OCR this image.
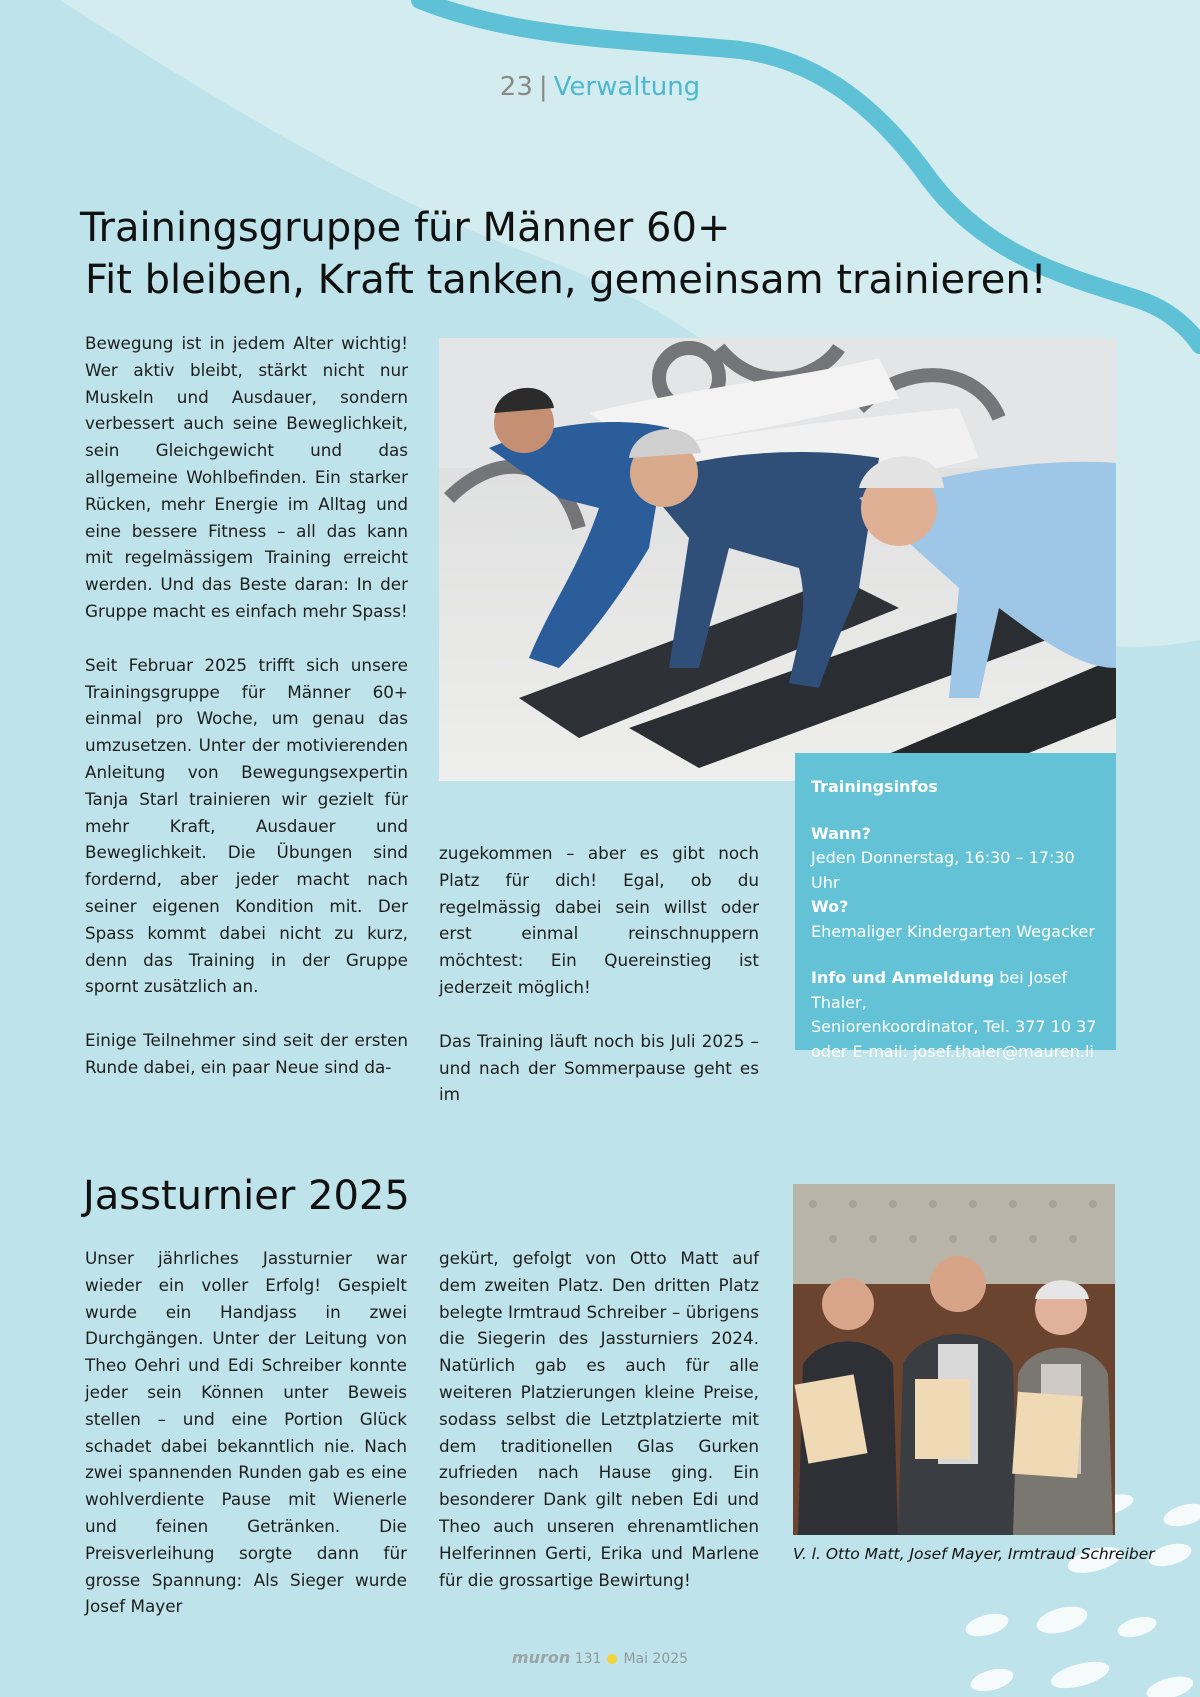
23 | Verwaltung
Trainingsgruppe für Männer 60+
Fit bleiben, Kraft tanken, gemeinsam trainieren!

Bewegung ist in jedem Alter wichtig! Wer aktiv bleibt, stärkt nicht nur Muskeln und Ausdauer, sondern verbessert auch seine Beweglichkeit, sein Gleichgewicht und das allgemeine Wohlbefinden. Ein starker Rücken, mehr Energie im Alltag und eine bessere Fitness – all das kann mit regelmässigem Training erreicht werden. Und das Beste daran: In der Gruppe macht es einfach mehr Spass!

Seit Februar 2025 trifft sich unsere Trainingsgruppe für Männer 60+ einmal pro Woche, um genau das umzusetzen. Unter der motivierenden Anleitung von Bewegungsexpertin Tanja Starl trainieren wir gezielt für mehr Kraft, Ausdauer und Beweglichkeit. Die Übungen sind fordernd, aber jeder macht nach seiner eigenen Kondition mit. Der Spass kommt dabei nicht zu kurz, denn das Training in der Gruppe spornt zusätzlich an.

Einige Teilnehmer sind seit der ersten Runde dabei, ein paar Neue sind da-

zugekommen – aber es gibt noch Platz für dich! Egal, ob du regelmässig dabei sein willst oder erst einmal reinschnuppern möchtest: Ein Quereinstieg ist jederzeit möglich!

Das Training läuft noch bis Juli 2025 – und nach der Sommerpause geht es im

Trainingsinfos
Wann?
Jeden Donnerstag, 16:30 – 17:30 Uhr
Wo?
Ehemaliger Kindergarten Wegacker
Info und Anmeldung bei Josef Thaler,
Seniorenkoordinator, Tel. 377 10 37
oder E-mail: josef.thaler@mauren.li
Jassturnier 2025

Unser jährliches Jassturnier war wieder ein voller Erfolg! Gespielt wurde ein Handjass in zwei Durchgängen. Unter der Leitung von Theo Oehri und Edi Schreiber konnte jeder sein Können unter Beweis stellen – und eine Portion Glück schadet dabei bekanntlich nie. Nach zwei spannenden Runden gab es eine wohlverdiente Pause mit Wienerle und feinen Getränken. Die Preisverleihung sorgte dann für grosse Spannung: Als Sieger wurde Josef Mayer

gekürt, gefolgt von Otto Matt auf dem zweiten Platz. Den dritten Platz belegte Irmtraud Schreiber – übrigens die Siegerin des Jassturniers 2024. Natürlich gab es auch für alle weiteren Platzierungen kleine Preise, sodass selbst die Letztplatzierte mit dem traditionellen Glas Gurken zufrieden nach Hause ging. Ein besonderer Dank gilt neben Edi und Theo auch unseren ehrenamtlichen Helferinnen Gerti, Erika und Marlene für die grossartige Bewirtung!

V. l. Otto Matt, Josef Mayer, Irmtraud Schreiber
muron 131 Mai 2025
